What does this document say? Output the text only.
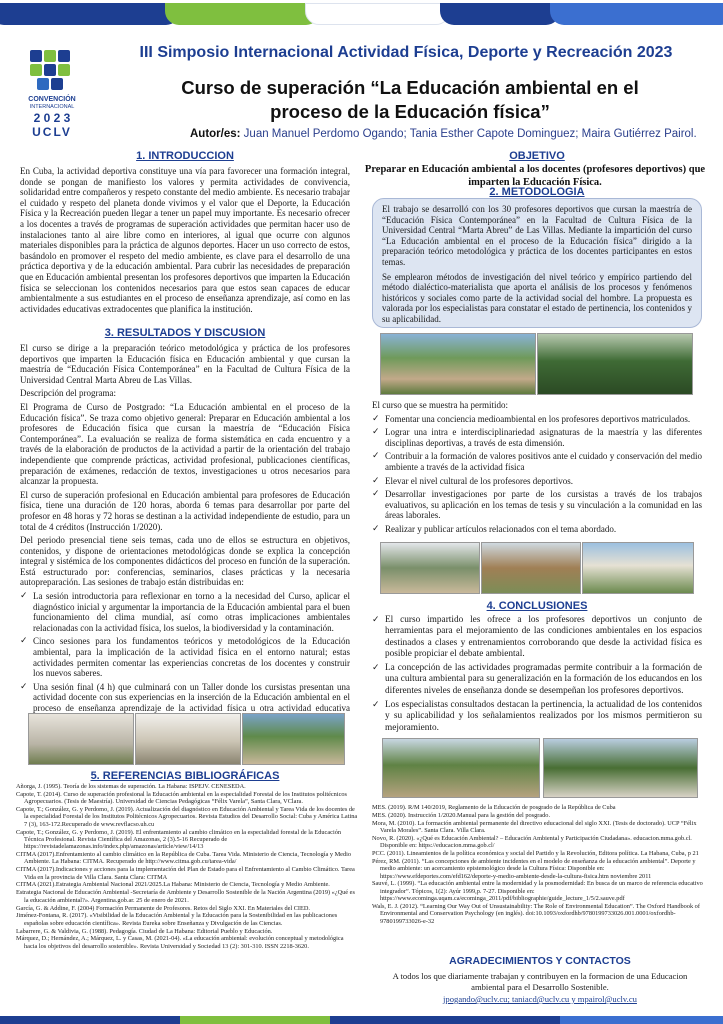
CONVENCIÓN
INTERNACIONAL
2 0 2 3
UCLV
III Simposio Internacional Actividad Física, Deporte y Recreación 2023
Curso de superación “La Educación ambiental en el
proceso de la Educación física”
Autor/es: Juan Manuel Perdomo Ogando; Tania Esther Capote Dominguez; Maira Gutiérrez Pairol.
1. INTRODUCCION
En Cuba, la actividad deportiva constituye una vía para favorecer una formación integral, donde se pongan de manifiesto los valores y permita actividades de convivencia, solidaridad entre compañeros y respeto constante del medio ambiente. Es necesario trabajar el cuidado y respeto del planeta donde vivimos y el valor que el Deporte, la Educación Física y la Recreación pueden llegar a tener un papel muy importante. Es necesario ofrecer a los docentes a través de programas de superación actividades que permitan hacer uso de instalaciones tanto al aire libre como en interiores, al igual que ocurre con algunos materiales disponibles para la práctica de algunos deportes. Hacer un uso correcto de estos, basándolo en promover el respeto del medio ambiente, es clave para el desarrollo de una práctica deportiva y de la educación ambiental. Para cubrir las necesidades de preparación que en Educación ambiental presentan los profesores deportivos que imparten la Educación física se seleccionan los contenidos necesarios para que estos sean capaces de educar ambientalmente a sus estudiantes en el proceso de enseñanza aprendizaje, así como en las actividades educativas extradocentes que planifica la institución.
3. RESULTADOS Y DISCUSION

El curso se dirige a la preparación teórico metodológica y práctica de los profesores deportivos que imparten la Educación física en Educación ambiental y que cursan la maestría de “Educación Física Contemporánea” en la Facultad de Cultura Física de la Universidad Central Marta Abreu de Las Villas.

Descripción del programa:

El Programa de Curso de Postgrado: “La Educación ambiental en el proceso de la Educación física”. Se traza como objetivo general: Preparar en Educación ambiental a los profesores de Educación física que cursan la maestría de “Educación Física Contemporánea”. La evaluación se realiza de forma sistemática en cada encuentro y a través de la elaboración de productos de la actividad a partir de la orientación del trabajo independiente que comprende prácticas, actividad profesional, publicaciones científicas, preparación de exámenes, redacción de textos, investigaciones u otros necesarios para alcanzar la propuesta.

El curso de superación profesional en Educación ambiental para profesores de Educación física, tiene una duración de 120 horas, aborda 6 temas para desarrollar por parte del profesor en 48 horas y 72 horas se destinan a la actividad independiente de estudio, para un total de 4 créditos (Instrucción 1/2020).

Del periodo presencial tiene seis temas, cada uno de ellos se estructura en objetivos, contenidos, y dispone de orientaciones metodológicas donde se explica la concepción integral y sistémica de los componentes didácticos del proceso en función de la superación. Está estructurado por: conferencias, seminarios, clases prácticas y la necesaria autopreparación. Las sesiones de trabajo están distribuidas en:

✓ La sesión introductoria para reflexionar en torno a la necesidad del Curso, aplicar el diagnóstico inicial y argumentar la importancia de la Educación ambiental para el buen funcionamiento del clima mundial, así como otras implicaciones ambientales relacionadas con la actividad física, los suelos, la biodiversidad y la contaminación.
✓ Cinco sesiones para los fundamentos teóricos y metodológicos de la Educación ambiental, para la implicación de la actividad física en el entorno natural; estas actividades permiten comentar las experiencias concretas de los docentes y construir los nuevos saberes.
✓ Una sesión final (4 h) que culminará con un Taller donde los cursistas presentan una actividad docente con sus experiencias en la inserción de la Educación ambiental en el proceso de enseñanza aprendizaje de la actividad física u otra actividad educativa
5. REFERENCIAS BIBLIOGRÁFICAS

Añorga, J. (1995). Teoría de los sistemas de superación. La Habana: ISPEJV. CENESEDA.

Capote, T. (2014). Curso de superación profesional la Educación ambiental en la especialidad Forestal de los Institutos politécnicos Agropecuarios. (Tesis de Maestría). Universidad de Ciencias Pedagógicas “Félix Varela”, Santa Clara, VClara.

Capote, T.; González, G. y Perdomo, J. (2019). Actualización del diagnóstico en Educación Ambiental y Tarea Vida de los docentes de la especialidad Forestal de los Institutos Politécnicos Agropecuarios. Revista Estudios del Desarrollo Social: Cuba y América Latina 7 (3), 163-172.Recuperado de www.revflacso.uh.cu

Capote, T.; González, G. y Perdomo, J. (2019). El enfrentamiento al cambio climático en la especialidad forestal de la Educación Técnica Profesional. Revista Científica del Amazonas, 2 (3).5-16 Recuperado de https://revistadelamazonas.info/index.php/amazonas/article/view/14/13

CITMA (2017).Enfrentamiento al cambio climático en la República de Cuba. Tarea Vida. Ministerio de Ciencia, Tecnología y Medio Ambiente. La Habana: CITMA. Recuperado de http://www.citma.gob.cu/tarea-vida/

CITMA (2017).Indicaciones y acciones para la implementación del Plan de Estado para el Enfrentamiento al Cambio Climático. Tarea Vida en la provincia de Villa Clara. Santa Clara: CITMA

CITMA (2021).Estrategia Ambiental Nacional 2021/2025.La Habana: Ministerio de Ciencia, Tecnología y Medio Ambiente.

Estrategia Nacional de Educación Ambiental -Secretaría de Ambiente y Desarrollo Sostenible de la Nación Argentina (2019) «¿Qué es la educación ambiental?». Argentina.gob.ar. 25 de enero de 2021.

García, G. & Addine, F. (2004) Formación Permanente de Profesores. Retos del Siglo XXI. En Materiales del CIED.

Jiménez-Fontana, R. (2017). «Visibilidad de la Educación Ambiental y la Educación para la Sostenibilidad en las publicaciones españolas sobre educación científica». Revista Eureka sobre Enseñanza y Divulgación de las Ciencias.

Labarrere, G. & Valdivia, G. (1988). Pedagogía. Ciudad de La Habana: Editorial Pueblo y Educación.

Márquez, D.; Hernández, A.; Márquez, L. y Casas, M. (2021-04). «La educación ambiental: evolución conceptual y metodológica hacia los objetivos del desarrollo sostenible». Revista Universidad y Sociedad 13 (2): 301-310. ISSN 2218-3620.

OBJETIVO
Preparar en Educación ambiental a los docentes (profesores deportivos) que imparten la Educación Física.
2. METODOLOGIA

El trabajo se desarrolló con los 30 profesores deportivos que cursan la maestría de “Educación Física Contemporánea” en la Facultad de Cultura Física de la Universidad Central “Marta Abreu” de Las Villas. Mediante la impartición del curso “La Educación ambiental en el proceso de la Educación física” dirigido a la preparación teórico metodológica y práctica de los docentes participantes en estos temas.

Se emplearon métodos de investigación del nivel teórico y empírico partiendo del método dialéctico-materialista que aporta el análisis de los procesos y fenómenos históricos y sociales como parte de la actividad social del hombre. La propuesta es valorada por los especialistas para constatar el estado de pertinencia, los contenidos y su aplicabilidad.

El curso que se muestra ha permitido:

✓ Fomentar una conciencia medioambiental en los profesores deportivos matriculados.
✓ Lograr una intra e interdisciplinariedad asignaturas de la maestría y las diferentes disciplinas deportivas, a través de esta dimensión.
✓ Contribuir a la formación de valores positivos ante el cuidado y conservación del medio ambiente a través de la actividad física
✓ Elevar el nivel cultural de los profesores deportivos.
✓ Desarrollar investigaciones por parte de los cursistas a través de los trabajos evaluativos, su aplicación en los temas de tesis y su vinculación a la comunidad en las áreas laborales.
✓ Realizar y publicar artículos relacionados con el tema abordado.
4. CONCLUSIONES
✓ El curso impartido les ofrece a los profesores deportivos un conjunto de herramientas para el mejoramiento de las condiciones ambientales en los espacios destinados a clases y entrenamientos corroborando que desde la actividad física es posible propiciar el debate ambiental.
✓ La concepción de las actividades programadas permite contribuir a la formación de una cultura ambiental para su generalización en la formación de los educandos en los diferentes niveles de enseñanza donde se desempeñan los profesores deportivos.
✓ Los especialistas consultados destacan la pertinencia, la actualidad de los contenidos y su aplicabilidad y los señalamientos realizados por los mismos permitieron su mejoramiento.

MES. (2019). R/M 140/2019, Reglamento de la Educación de posgrado de la República de Cuba

MES. (2020). Instrucción 1/2020.Manual para la gestión del posgrado.

Mora, M. (2010). La formación ambiental permanente del directivo educacional del siglo XXI. (Tesis de doctorado). UCP “Félix Varela Morales”. Santa Clara. Villa Clara.

Novo, R. (2020). «¿Qué es Educación Ambiental? – Educación Ambiental y Participación Ciudadana». educacion.mma.gob.cl. Disponible en: https://educacion.mma.gob.cl/

PCC. (2011). Lineamientos de la política económica y social del Partido y la Revolución, Editora política. La Habana, Cuba, p 21

Pérez, RM. (2011). “Las concepciones de ambiente incidentes en el modelo de enseñanza de la educación ambiental”. Deporte y medio ambiente: un acercamiento epistemológico desde la Cultura Física: Disponible en: https://www.efdeportes.com/efd162/deporte-y-medio-ambiente-desde-la-cultura-fisica.htm noviembre 2011

Sauvé, L. (1999). “La educación ambiental entre la modernidad y la posmodernidad: En busca de un marco de referencia educativo integrador”. Tópicos, 1(2): Ayúr 1999,p. 7-27. Disponible en: https://www.ecominga.uqam.ca/ecominga_2011/pdf/bibliographie/guide_lecture_1/5/2.sauve.pdf

Wals, E. J. (2012). “Learning Our Way Out of Unsustainability: The Role of Environmental Education”. The Oxford Handbook of Environmental and Conservation Psychology (en inglés). doi:10.1093/oxfordhb/9780199733026.001.0001/oxfordhb-9780199733026-e-32

AGRADECIMIENTOS Y CONTACTOS
A todos los que diariamente trabajan y contribuyen en la formacion de una Educacion ambiental para el Desarrollo Sostenible.
jpogando@uclv.cu; taniacd@uclv.cu y mpairol@uclv.cu
